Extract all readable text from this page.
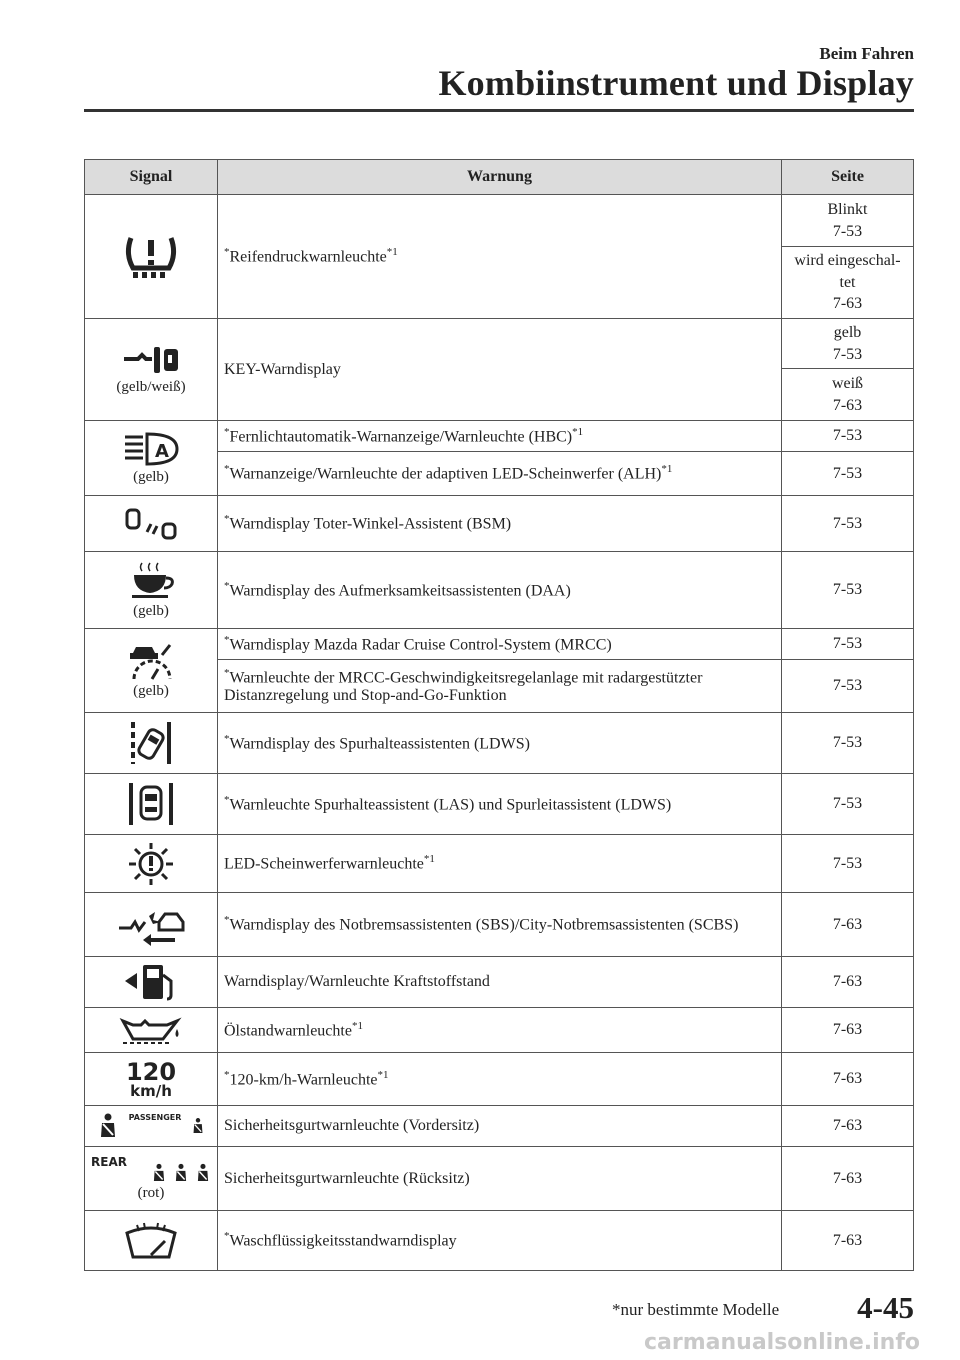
Beim Fahren
Kombiinstrument und Display
Signal	Warnung	Seite

	*Reifendruckwarnleuchte$^{*1}$	Blinkt
7-53
		wird eingeschal-
tet
7-63

(gelb/weiß)	KEY-Warndisplay	gelb
7-53
		weiß
7-63

A
(gelb)	*Fernlichtautomatik-Warnanzeige/Warnleuchte (HBC)$^{*1}$	7-53
	*Warnanzeige/Warnleuchte der adaptiven LED-Scheinwerfer (ALH)$^{*1}$	7-53

	*Warndisplay Toter-Winkel-Assistent (BSM)	7-53

(gelb)	*Warndisplay des Aufmerksamkeitsassistenten (DAA)	7-53

(gelb)	*Warndisplay Mazda Radar Cruise Control-System (MRCC)	7-53
	*Warnleuchte der MRCC-Geschwindigkeitsregelanlage mit radargestützter Distanzregelung und Stop-and-Go-Funktion	7-53

	*Warndisplay des Spurhalteassistenten (LDWS)	7-53

	*Warnleuchte Spurhalteassistent (LAS) und Spurleitassistent (LDWS)	7-53

	LED-Scheinwerferwarnleuchte$^{*1}$	7-53

	*Warndisplay des Notbremsassistenten (SBS)/City-Notbremsassistenten (SCBS)	7-63

	Warndisplay/Warnleuchte Kraftstoffstand	7-63

	Ölstandwarnleuchte$^{*1}$	7-63

120
km/h	*120-km/h-Warnleuchte$^{*1}$	7-63

PASSENGER	Sicherheitsgurtwarnleuchte (Vordersitz)	7-63

REAR
(rot)	Sicherheitsgurtwarnleuchte (Rücksitz)	7-63

	*Waschflüssigkeitsstandwarndisplay	7-63
*nur bestimmte Modelle	4-45
carmanualsonline.info
